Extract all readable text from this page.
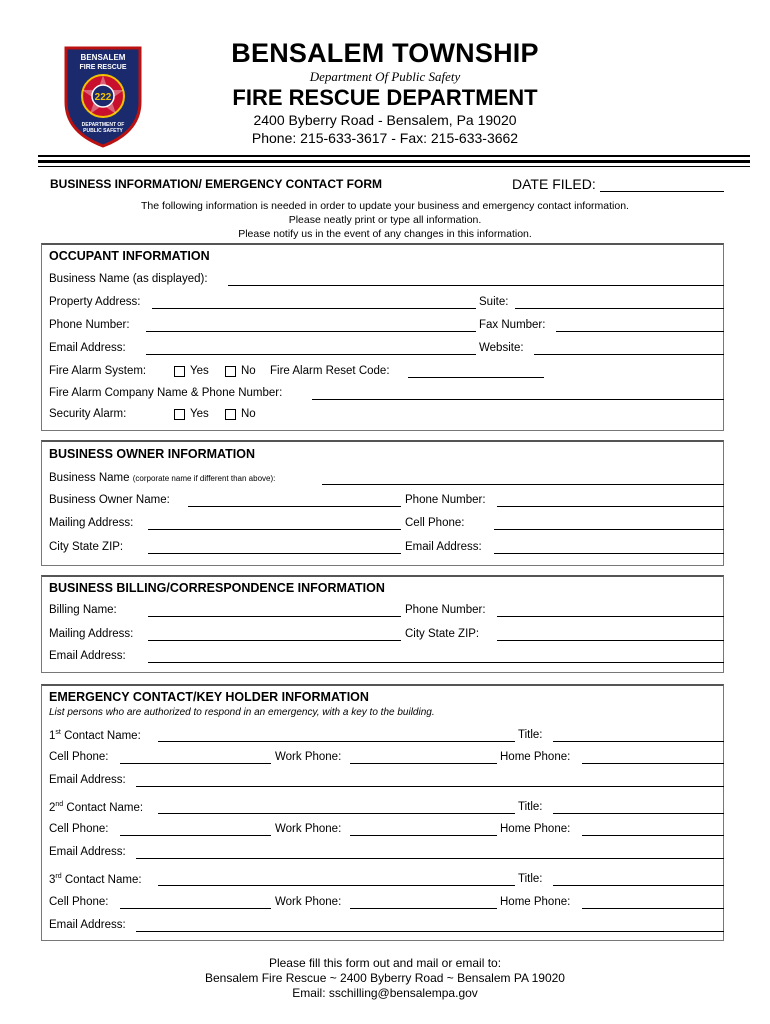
BENSALEM
FIRE RESCUE
222
DEPARTMENT OF
PUBLIC SAFETY
BENSALEM TOWNSHIP
Department Of Public Safety
FIRE RESCUE DEPARTMENT
2400 Byberry Road - Bensalem, Pa 19020
Phone: 215-633-3617 - Fax: 215-633-3662
BUSINESS INFORMATION/ EMERGENCY CONTACT FORM	DATE FILED:
The following information is needed in order to update your business and emergency contact information.
Please neatly print or type all information.
Please notify us in the event of any changes in this information.
OCCUPANT INFORMATION
Business Name (as displayed):
Property Address:	Suite:
Phone Number:	Fax Number:
Email Address:	Website:
Fire Alarm System:	Yes	No Fire Alarm Reset Code:
Fire Alarm Company Name & Phone Number:
Security Alarm:	Yes	No
BUSINESS OWNER INFORMATION
Business Name (corporate name if different than above):
Business Owner Name:	Phone Number:
Mailing Address:	Cell Phone:
City State ZIP:	Email Address:
BUSINESS BILLING/CORRESPONDENCE INFORMATION
Billing Name:	Phone Number:
Mailing Address:	City State ZIP:
Email Address:
EMERGENCY CONTACT/KEY HOLDER INFORMATION
List persons who are authorized to respond in an emergency, with a key to the building.
1st Contact Name:	Title:
Cell Phone:	Work Phone:	Home Phone:
Email Address:
2nd Contact Name:	Title:
Cell Phone:	Work Phone:	Home Phone:
Email Address:
3rd Contact Name:	Title:
Cell Phone:	Work Phone:	Home Phone:
Email Address:
Please fill this form out and mail or email to:
Bensalem Fire Rescue ~ 2400 Byberry Road ~ Bensalem PA 19020
Email: sschilling@bensalempa.gov
